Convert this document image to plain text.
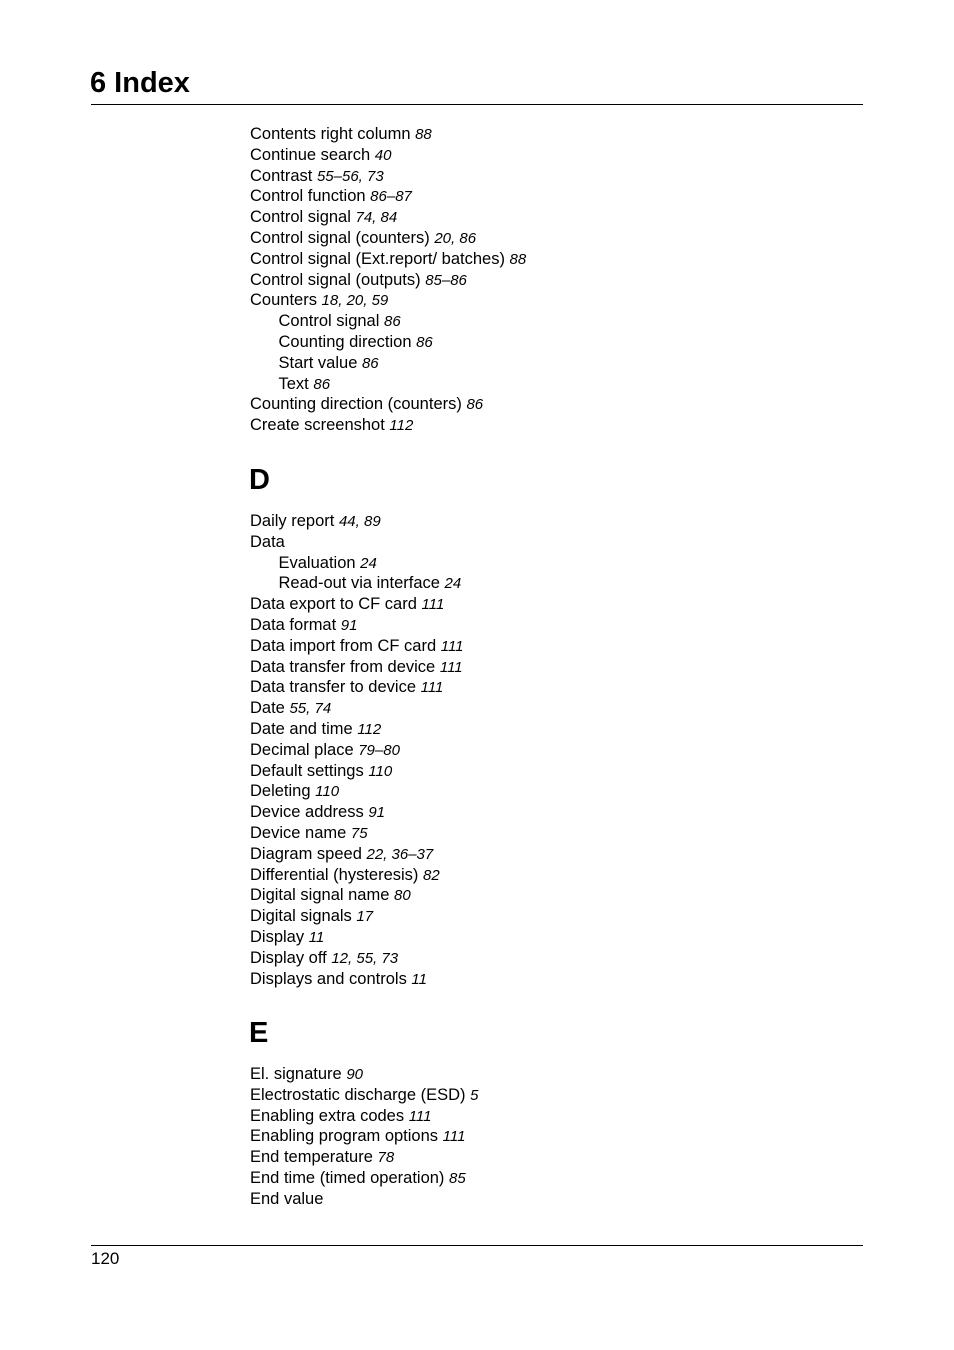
6 Index
Contents right column 88
Continue search 40
Contrast 55–56, 73
Control function 86–87
Control signal 74, 84
Control signal (counters) 20, 86
Control signal (Ext.report/ batches) 88
Control signal (outputs) 85–86
Counters 18, 20, 59
Control signal 86
Counting direction 86
Start value 86
Text 86
Counting direction (counters) 86
Create screenshot 112
D
Daily report 44, 89
Data
Evaluation 24
Read-out via interface 24
Data export to CF card 111
Data format 91
Data import from CF card 111
Data transfer from device 111
Data transfer to device 111
Date 55, 74
Date and time 112
Decimal place 79–80
Default settings 110
Deleting 110
Device address 91
Device name 75
Diagram speed 22, 36–37
Differential (hysteresis) 82
Digital signal name 80
Digital signals 17
Display 11
Display off 12, 55, 73
Displays and controls 11
E
El. signature 90
Electrostatic discharge (ESD) 5
Enabling extra codes 111
Enabling program options 111
End temperature 78
End time (timed operation) 85
End value
120
